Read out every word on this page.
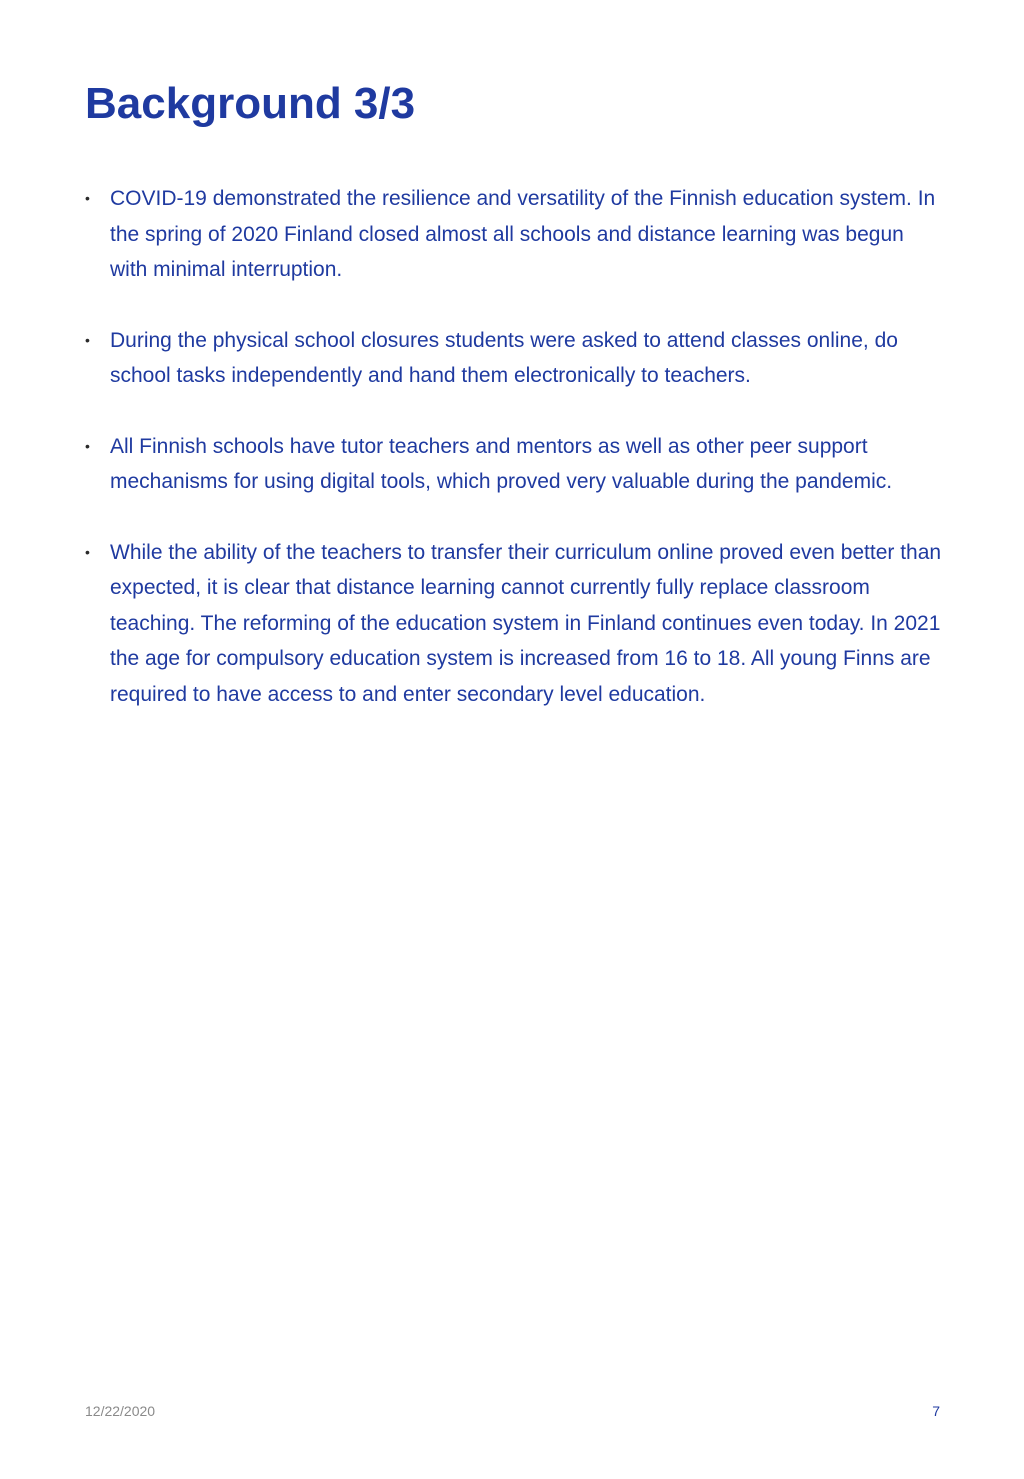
Background 3/3
• COVID-19 demonstrated the resilience and versatility of the Finnish education system. In the spring of 2020 Finland closed almost all schools and distance learning was begun with minimal interruption.
• During the physical school closures students were asked to attend classes online, do school tasks independently and hand them electronically to teachers.
• All Finnish schools have tutor teachers and mentors as well as other peer support mechanisms for using digital tools, which proved very valuable during the pandemic.
• While the ability of the teachers to transfer their curriculum online proved even better than expected, it is clear that distance learning cannot currently fully replace classroom teaching. The reforming of the education system in Finland continues even today. In 2021 the age for compulsory education system is increased from 16 to 18. All young Finns are required to have access to and enter secondary level education.
12/22/2020	7
